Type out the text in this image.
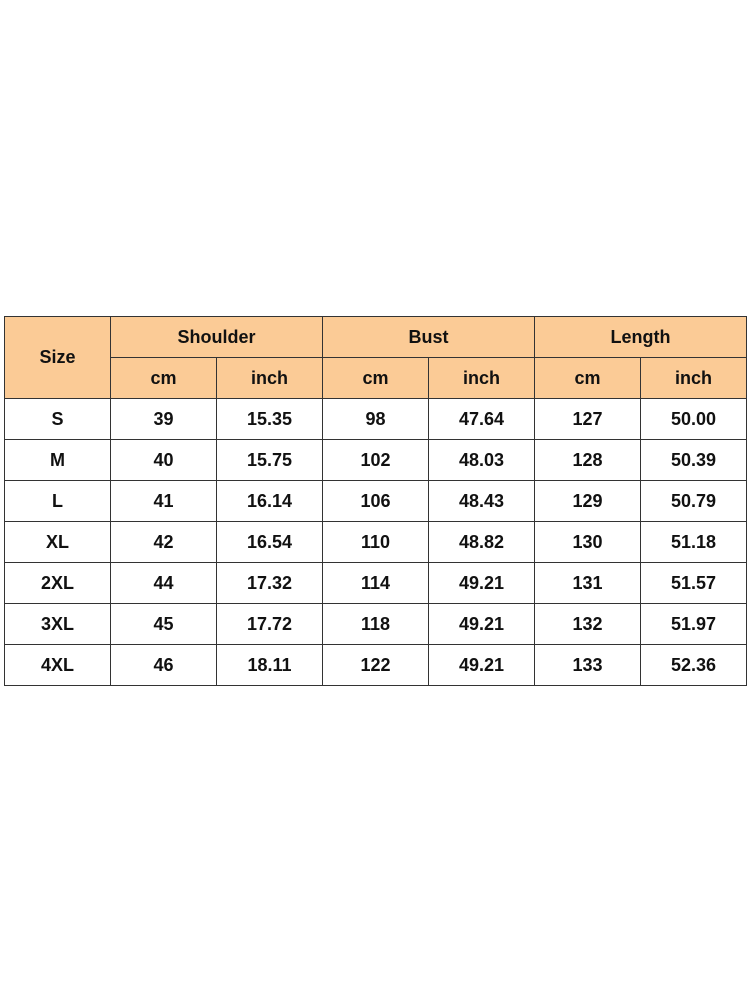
Size	Shoulder		Bust		Length	
	cm	inch	cm	inch	cm	inch
S	39	15.35	98	47.64	127	50.00
M	40	15.75	102	48.03	128	50.39
L	41	16.14	106	48.43	129	50.79
XL	42	16.54	110	48.82	130	51.18
2XL	44	17.32	114	49.21	131	51.57
3XL	45	17.72	118	49.21	132	51.97
4XL	46	18.11	122	49.21	133	52.36
